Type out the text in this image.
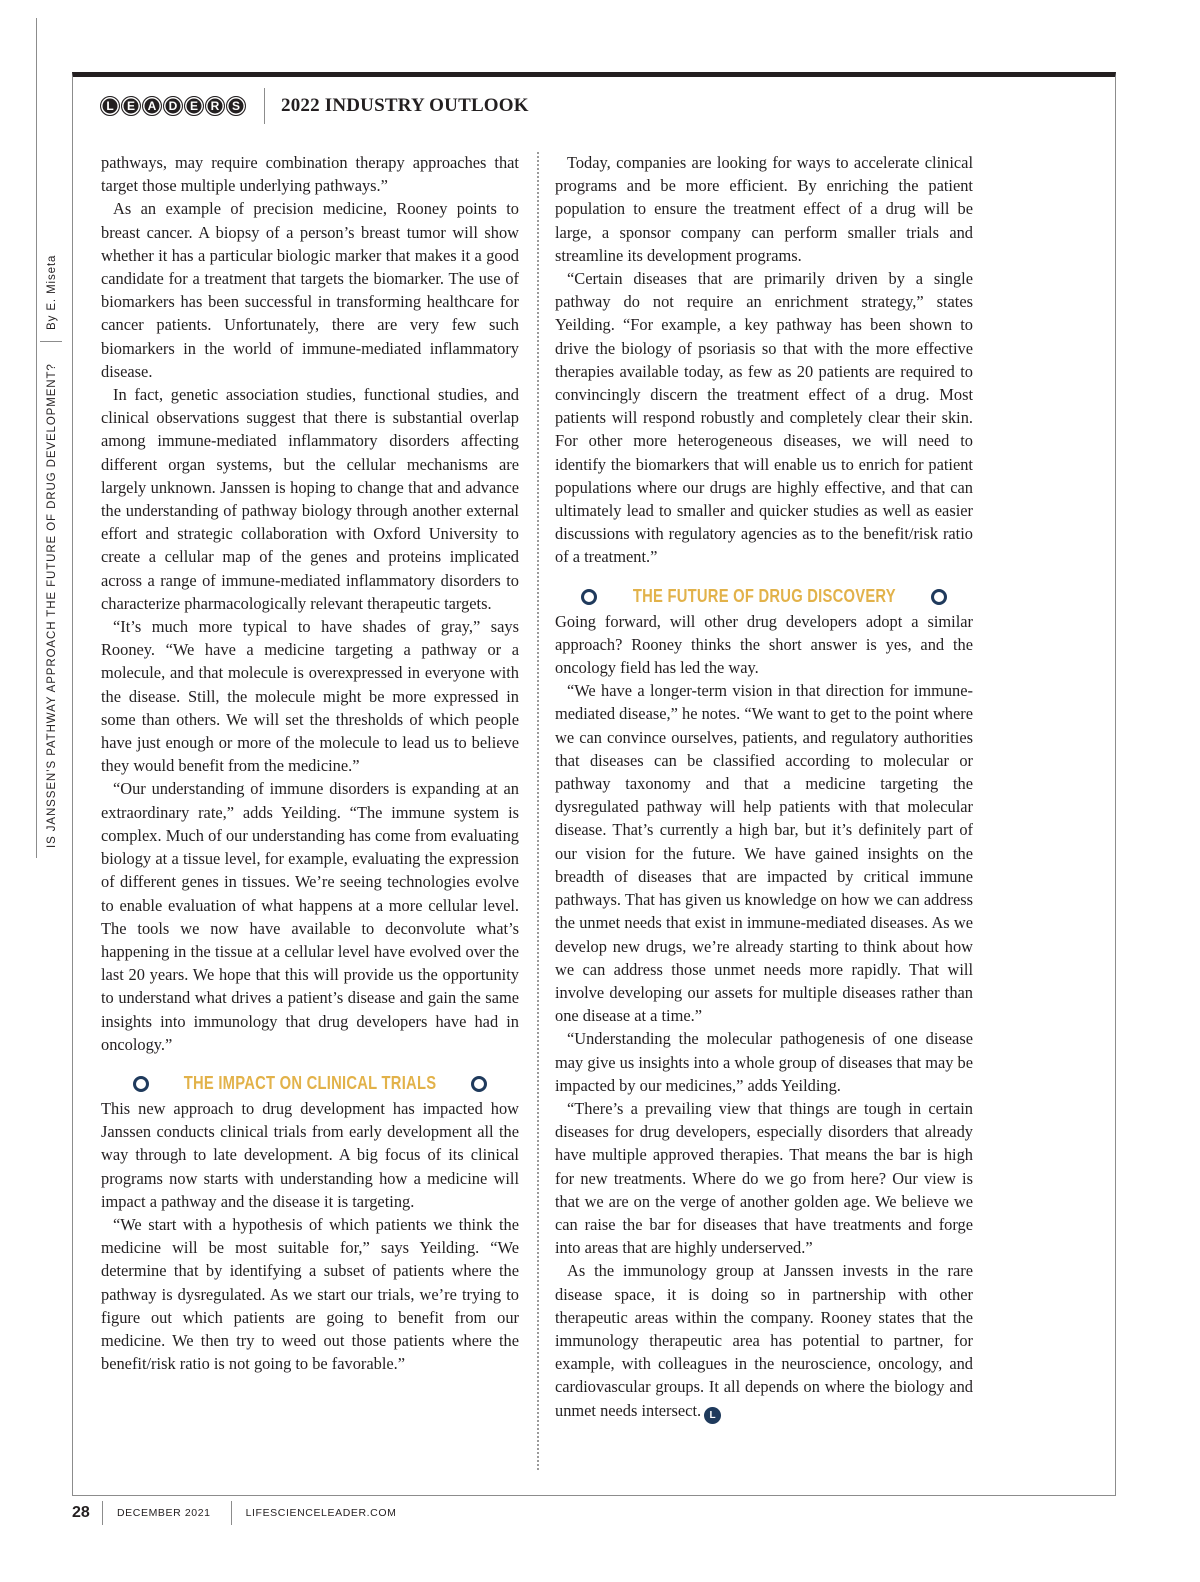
L	E	A	D	E	R	S	2022 INDUSTRY OUTLOOK
IS JANSSEN’S PATHWAY APPROACH THE FUTURE OF DRUG DEVELOPMENT?
By E. Miseta

pathways, may require combination therapy approaches that target those multiple underlying pathways.”

As an example of precision medicine, Rooney points to breast cancer. A biopsy of a person’s breast tumor will show whether it has a particular biologic marker that makes it a good candidate for a treatment that targets the biomarker. The use of biomarkers has been successful in transforming healthcare for cancer patients. Unfortunately, there are very few such biomarkers in the world of immune-mediated inflammatory disease.

In fact, genetic association studies, functional studies, and clinical observations suggest that there is substantial overlap among immune-mediated inflammatory disorders affecting different organ systems, but the cellular mechanisms are largely unknown. Janssen is hoping to change that and advance the understanding of pathway biology through another external effort and strategic collaboration with Oxford University to create a cellular map of the genes and proteins implicated across a range of immune-mediated inflammatory disorders to characterize pharmacologically relevant therapeutic targets.

“It’s much more typical to have shades of gray,” says Rooney. “We have a medicine targeting a pathway or a molecule, and that molecule is overexpressed in everyone with the disease. Still, the molecule might be more expressed in some than others. We will set the thresholds of which people have just enough or more of the molecule to lead us to believe they would benefit from the medicine.”

“Our understanding of immune disorders is expanding at an extraordinary rate,” adds Yeilding. “The immune system is complex. Much of our understanding has come from evaluating biology at a tissue level, for example, evaluating the expression of different genes in tissues. We’re seeing technologies evolve to enable evaluation of what happens at a more cellular level. The tools we now have available to deconvolute what’s happening in the tissue at a cellular level have evolved over the last 20 years. We hope that this will provide us the opportunity to understand what drives a patient’s disease and gain the same insights into immunology that drug developers have had in oncology.”

THE IMPACT ON CLINICAL TRIALS

This new approach to drug development has impacted how Janssen conducts clinical trials from early development all the way through to late development. A big focus of its clinical programs now starts with understanding how a medicine will impact a pathway and the disease it is targeting.

“We start with a hypothesis of which patients we think the medicine will be most suitable for,” says Yeilding. “We determine that by identifying a subset of patients where the pathway is dysregulated. As we start our trials, we’re trying to figure out which patients are going to benefit from our medicine. We then try to weed out those patients where the benefit/risk ratio is not going to be favorable.”

Today, companies are looking for ways to accelerate clinical programs and be more efficient. By enriching the patient population to ensure the treatment effect of a drug will be large, a sponsor company can perform smaller trials and streamline its development programs.

“Certain diseases that are primarily driven by a single pathway do not require an enrichment strategy,” states Yeilding. “For example, a key pathway has been shown to drive the biology of psoriasis so that with the more effective therapies available today, as few as 20 patients are required to convincingly discern the treatment effect of a drug. Most patients will respond robustly and completely clear their skin. For other more heterogeneous diseases, we will need to identify the biomarkers that will enable us to enrich for patient populations where our drugs are highly effective, and that can ultimately lead to smaller and quicker studies as well as easier discussions with regulatory agencies as to the benefit/risk ratio of a treatment.”

THE FUTURE OF DRUG DISCOVERY

Going forward, will other drug developers adopt a similar approach? Rooney thinks the short answer is yes, and the oncology field has led the way.

“We have a longer-term vision in that direction for immune-mediated disease,” he notes. “We want to get to the point where we can convince ourselves, patients, and regulatory authorities that diseases can be classified according to molecular or pathway taxonomy and that a medicine targeting the dysregulated pathway will help patients with that molecular disease. That’s currently a high bar, but it’s definitely part of our vision for the future. We have gained insights on the breadth of diseases that are impacted by critical immune pathways. That has given us knowledge on how we can address the unmet needs that exist in immune-mediated diseases. As we develop new drugs, we’re already starting to think about how we can address those unmet needs more rapidly. That will involve developing our assets for multiple diseases rather than one disease at a time.”

“Understanding the molecular pathogenesis of one disease may give us insights into a whole group of diseases that may be impacted by our medicines,” adds Yeilding.

“There’s a prevailing view that things are tough in certain diseases for drug developers, especially disorders that already have multiple approved therapies. That means the bar is high for new treatments. Where do we go from here? Our view is that we are on the verge of another golden age. We believe we can raise the bar for diseases that have treatments and forge into areas that are highly underserved.”

As the immunology group at Janssen invests in the rare disease space, it is doing so in partnership with other therapeutic areas within the company. Rooney states that the immunology therapeutic area has potential to partner, for example, with colleagues in the neuroscience, oncology, and cardiovascular groups. It all depends on where the biology and unmet needs intersect. L

28	DECEMBER 2021	LIFESCIENCELEADER.COM
